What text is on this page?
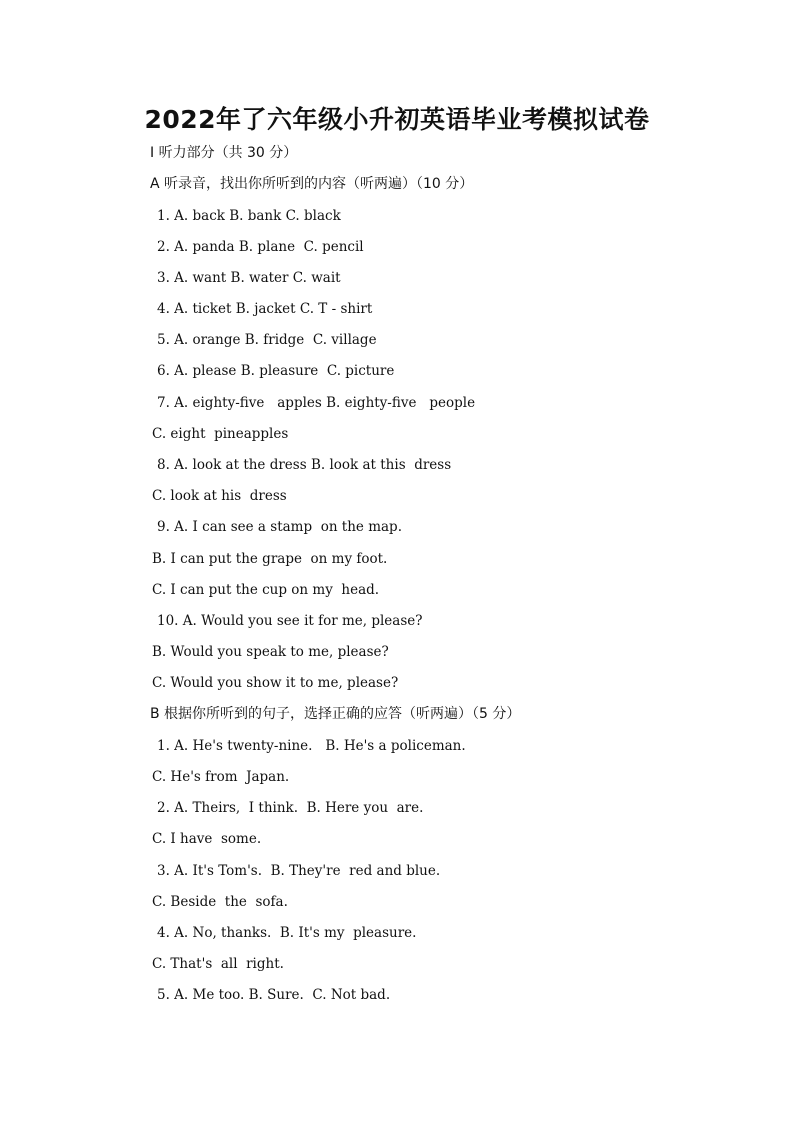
2022年了六年级小升初英语毕业考模拟试卷
I 听力部分（共 30 分）
A 听录音，找出你所听到的内容（听两遍）（10 分）
1. A. back B. bank C. black
2. A. panda B. plane  C. pencil
3. A. want B. water C. wait
4. A. ticket B. jacket C. T - shirt
5. A. orange B. fridge  C. village
6. A. please B. pleasure  C. picture
7. A. eighty-five   apples B. eighty-five   people
C. eight  pineapples
8. A. look at the dress B. look at this  dress
C. look at his  dress
9. A. I can see a stamp  on the map.
B. I can put the grape  on my foot.
C. I can put the cup on my  head.
10. A. Would you see it for me, please?
B. Would you speak to me, please?
C. Would you show it to me, please?
B 根据你所听到的句子，选择正确的应答（听两遍）（5 分）
1. A. He's twenty-nine.   B. He's a policeman.
C. He's from  Japan.
2. A. Theirs,  I think.  B. Here you  are.
C. I have  some.
3. A. It's Tom's.  B. They're  red and blue.
C. Beside  the  sofa.
4. A. No, thanks.  B. It's my  pleasure.
C. That's  all  right.
5. A. Me too. B. Sure.  C. Not bad.
